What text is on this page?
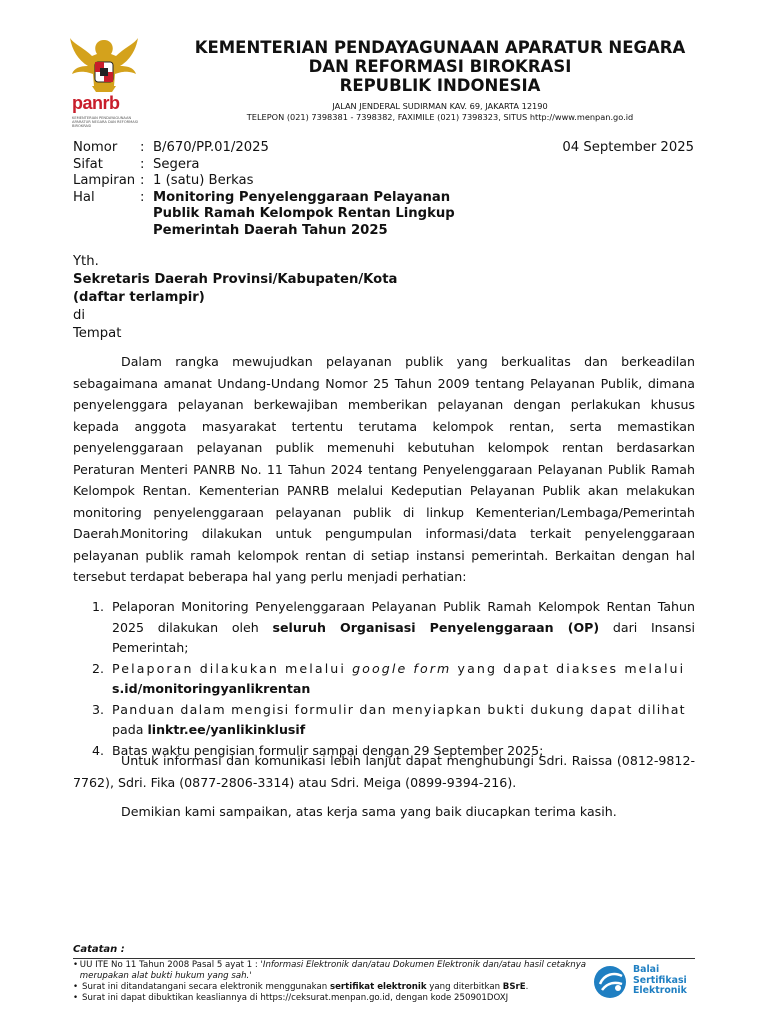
panrb
KEMENTERIAN PENDAYAGUNAAN APARATUR NEGARA DAN REFORMASI BIROKRASI
KEMENTERIAN PENDAYAGUNAAN APARATUR NEGARA
DAN REFORMASI BIROKRASI
REPUBLIK INDONESIA
JALAN JENDERAL SUDIRMAN KAV. 69, JAKARTA 12190
TELEPON (021) 7398381 - 7398382, FAXIMILE (021) 7398323, SITUS http://www.menpan.go.id
Nomor	: B/670/PP.01/2025
Sifat	: Segera
Lampiran : 1 (satu) Berkas
Hal	: Monitoring Penyelenggaraan Pelayanan
Publik Ramah Kelompok Rentan Lingkup
Pemerintah Daerah Tahun 2025
04 September 2025
Yth.
Sekretaris Daerah Provinsi/Kabupaten/Kota
(daftar terlampir)
di
Tempat
Dalam rangka mewujudkan pelayanan publik yang berkualitas dan berkeadilan sebagaimana amanat Undang-Undang Nomor 25 Tahun 2009 tentang Pelayanan Publik, dimana penyelenggara pelayanan berkewajiban memberikan pelayanan dengan perlakukan khusus kepada anggota masyarakat tertentu terutama kelompok rentan, serta memastikan penyelenggaraan pelayanan publik memenuhi kebutuhan kelompok rentan berdasarkan Peraturan Menteri PANRB No. 11 Tahun 2024 tentang Penyelenggaraan Pelayanan Publik Ramah Kelompok Rentan. Kementerian PANRB melalui Kedeputian Pelayanan Publik akan melakukan monitoring penyelenggaraan pelayanan publik di linkup Kementerian/Lembaga/Pemerintah Daerah.
Monitoring dilakukan untuk pengumpulan informasi/data terkait penyelenggaraan pelayanan publik ramah kelompok rentan di setiap instansi pemerintah. Berkaitan dengan hal tersebut terdapat beberapa hal yang perlu menjadi perhatian:
1. Pelaporan Monitoring Penyelenggaraan Pelayanan Publik Ramah Kelompok Rentan Tahun 2025 dilakukan oleh seluruh Organisasi Penyelenggaraan (OP) dari Insansi Pemerintah;
2. Pelaporan dilakukan melalui google form yang dapat diakses melalui
s.id/monitoringyanlikrentan
3. Panduan dalam mengisi formulir dan menyiapkan bukti dukung dapat dilihat
pada linktr.ee/yanlikinklusif
4. Batas waktu pengisian formulir sampai dengan 29 September 2025;
Untuk informasi dan komunikasi lebih lanjut dapat menghubungi Sdri. Raissa (0812-9812-7762), Sdri. Fika (0877-2806-3314) atau Sdri. Meiga (0899-9394-216).
Demikian kami sampaikan, atas kerja sama yang baik diucapkan terima kasih.
Catatan :
• UU ITE No 11 Tahun 2008 Pasal 5 ayat 1 : 'Informasi Elektronik dan/atau Dokumen Elektronik dan/atau hasil cetaknya merupakan alat bukti hukum yang sah.'
• Surat ini ditandatangani secara elektronik menggunakan sertifikat elektronik yang diterbitkan BSrE.
• Surat ini dapat dibuktikan keasliannya di https://ceksurat.menpan.go.id, dengan kode 250901DOXJ
Balai
Sertifikasi
Elektronik
